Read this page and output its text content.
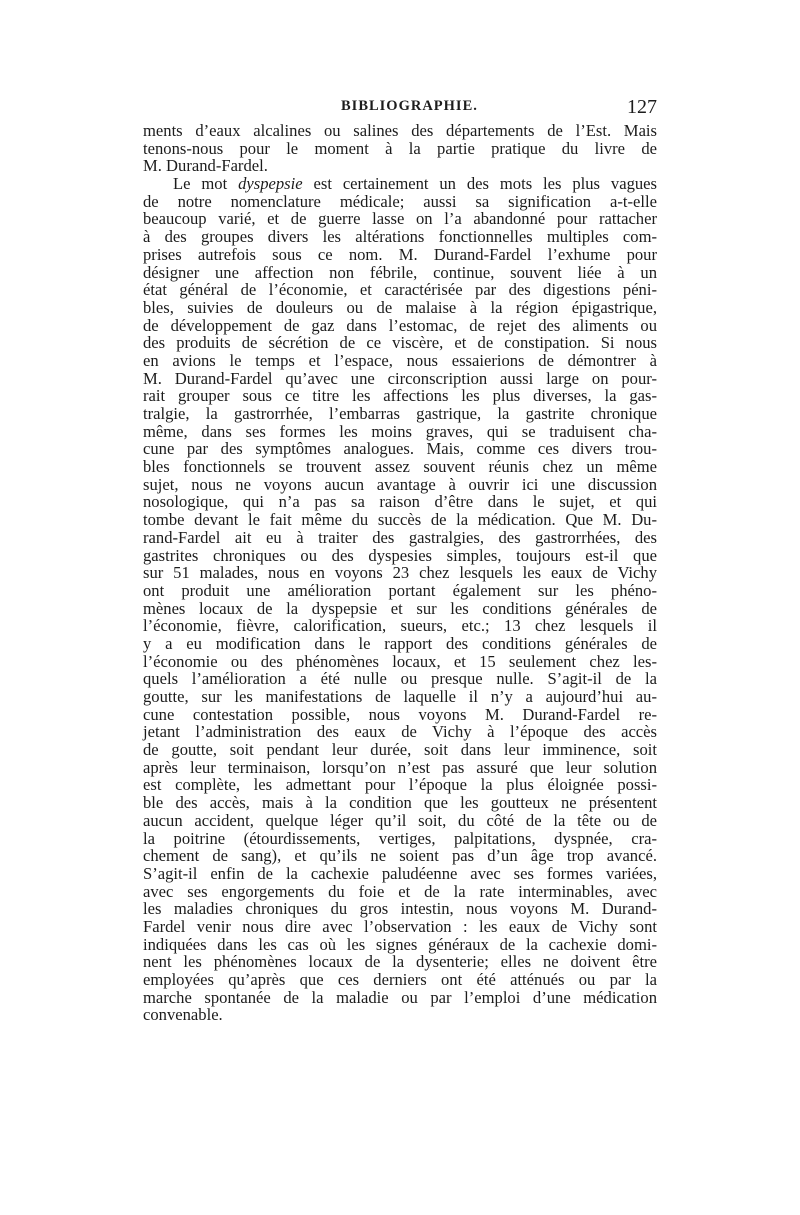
BIBLIOGRAPHIE.	127
ments d’eaux alcalines ou salines des départements de l’Est. Mais
tenons-nous pour le moment à la partie pratique du livre de
M. Durand-Fardel.
Le mot dyspepsie est certainement un des mots les plus vagues
de notre nomenclature médicale; aussi sa signification a-t-elle
beaucoup varié, et de guerre lasse on l’a abandonné pour rattacher
à des groupes divers les altérations fonctionnelles multiples com-
prises autrefois sous ce nom. M. Durand-Fardel l’exhume pour
désigner une affection non fébrile, continue, souvent liée à un
état général de l’économie, et caractérisée par des digestions péni-
bles, suivies de douleurs ou de malaise à la région épigastrique,
de développement de gaz dans l’estomac, de rejet des aliments ou
des produits de sécrétion de ce viscère, et de constipation. Si nous
en avions le temps et l’espace, nous essaierions de démontrer à
M. Durand-Fardel qu’avec une circonscription aussi large on pour-
rait grouper sous ce titre les affections les plus diverses, la gas-
tralgie, la gastrorrhée, l’embarras gastrique, la gastrite chronique
même, dans ses formes les moins graves, qui se traduisent cha-
cune par des symptômes analogues. Mais, comme ces divers trou-
bles fonctionnels se trouvent assez souvent réunis chez un même
sujet, nous ne voyons aucun avantage à ouvrir ici une discussion
nosologique, qui n’a pas sa raison d’être dans le sujet, et qui
tombe devant le fait même du succès de la médication. Que M. Du-
rand-Fardel ait eu à traiter des gastralgies, des gastrorrhées, des
gastrites chroniques ou des dyspesies simples, toujours est-il que
sur 51 malades, nous en voyons 23 chez lesquels les eaux de Vichy
ont produit une amélioration portant également sur les phéno-
mènes locaux de la dyspepsie et sur les conditions générales de
l’économie, fièvre, calorification, sueurs, etc.; 13 chez lesquels il
y a eu modification dans le rapport des conditions générales de
l’économie ou des phénomènes locaux, et 15 seulement chez les-
quels l’amélioration a été nulle ou presque nulle. S’agit-il de la
goutte, sur les manifestations de laquelle il n’y a aujourd’hui au-
cune contestation possible, nous voyons M. Durand-Fardel re-
jetant l’administration des eaux de Vichy à l’époque des accès
de goutte, soit pendant leur durée, soit dans leur imminence, soit
après leur terminaison, lorsqu’on n’est pas assuré que leur solution
est complète, les admettant pour l’époque la plus éloignée possi-
ble des accès, mais à la condition que les goutteux ne présentent
aucun accident, quelque léger qu’il soit, du côté de la tête ou de
la poitrine (étourdissements, vertiges, palpitations, dyspnée, cra-
chement de sang), et qu’ils ne soient pas d’un âge trop avancé.
S’agit-il enfin de la cachexie paludéenne avec ses formes variées,
avec ses engorgements du foie et de la rate interminables, avec
les maladies chroniques du gros intestin, nous voyons M. Durand-
Fardel venir nous dire avec l’observation : les eaux de Vichy sont
indiquées dans les cas où les signes généraux de la cachexie domi-
nent les phénomènes locaux de la dysenterie; elles ne doivent être
employées qu’après que ces derniers ont été atténués ou par la
marche spontanée de la maladie ou par l’emploi d’une médication
convenable.
